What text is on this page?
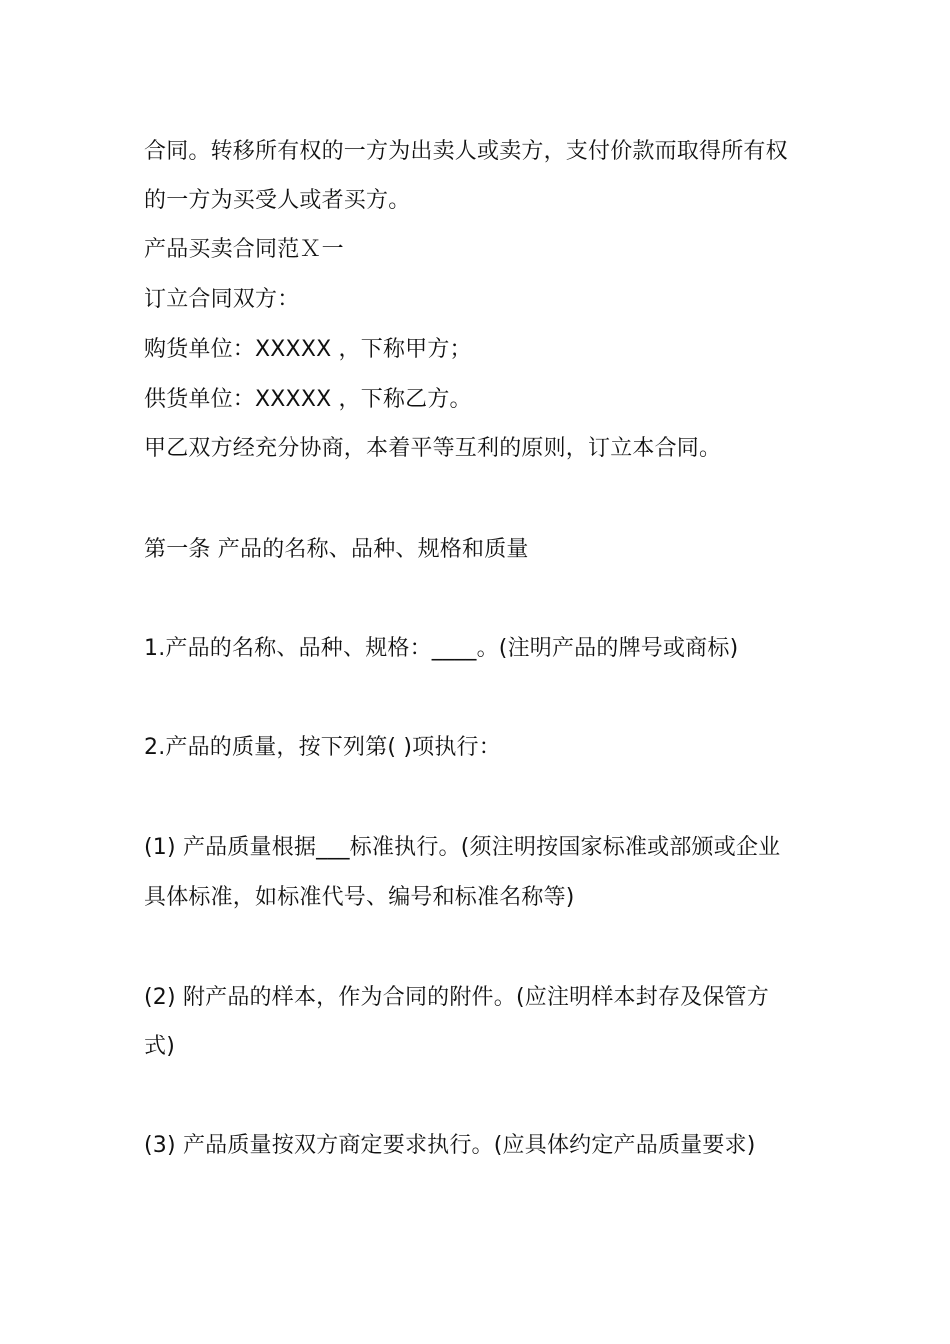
合同。转移所有权的一方为出卖人或卖方，支付价款而取得所有权
的一方为买受人或者买方。
产品买卖合同范Ｘ一
订立合同双方：
购货单位：XXXXX ，下称甲方；
供货单位：XXXXX ，下称乙方。
甲乙双方经充分协商，本着平等互利的原则，订立本合同。
第一条 产品的名称、品种、规格和质量
1.产品的名称、品种、规格：____。(注明产品的牌号或商标)
2.产品的质量，按下列第( )项执行：
(1) 产品质量根据___标准执行。(须注明按国家标准或部颁或企业
具体标准，如标准代号、编号和标准名称等)
(2) 附产品的样本，作为合同的附件。(应注明样本封存及保管方
式)
(3) 产品质量按双方商定要求执行。(应具体约定产品质量要求)
